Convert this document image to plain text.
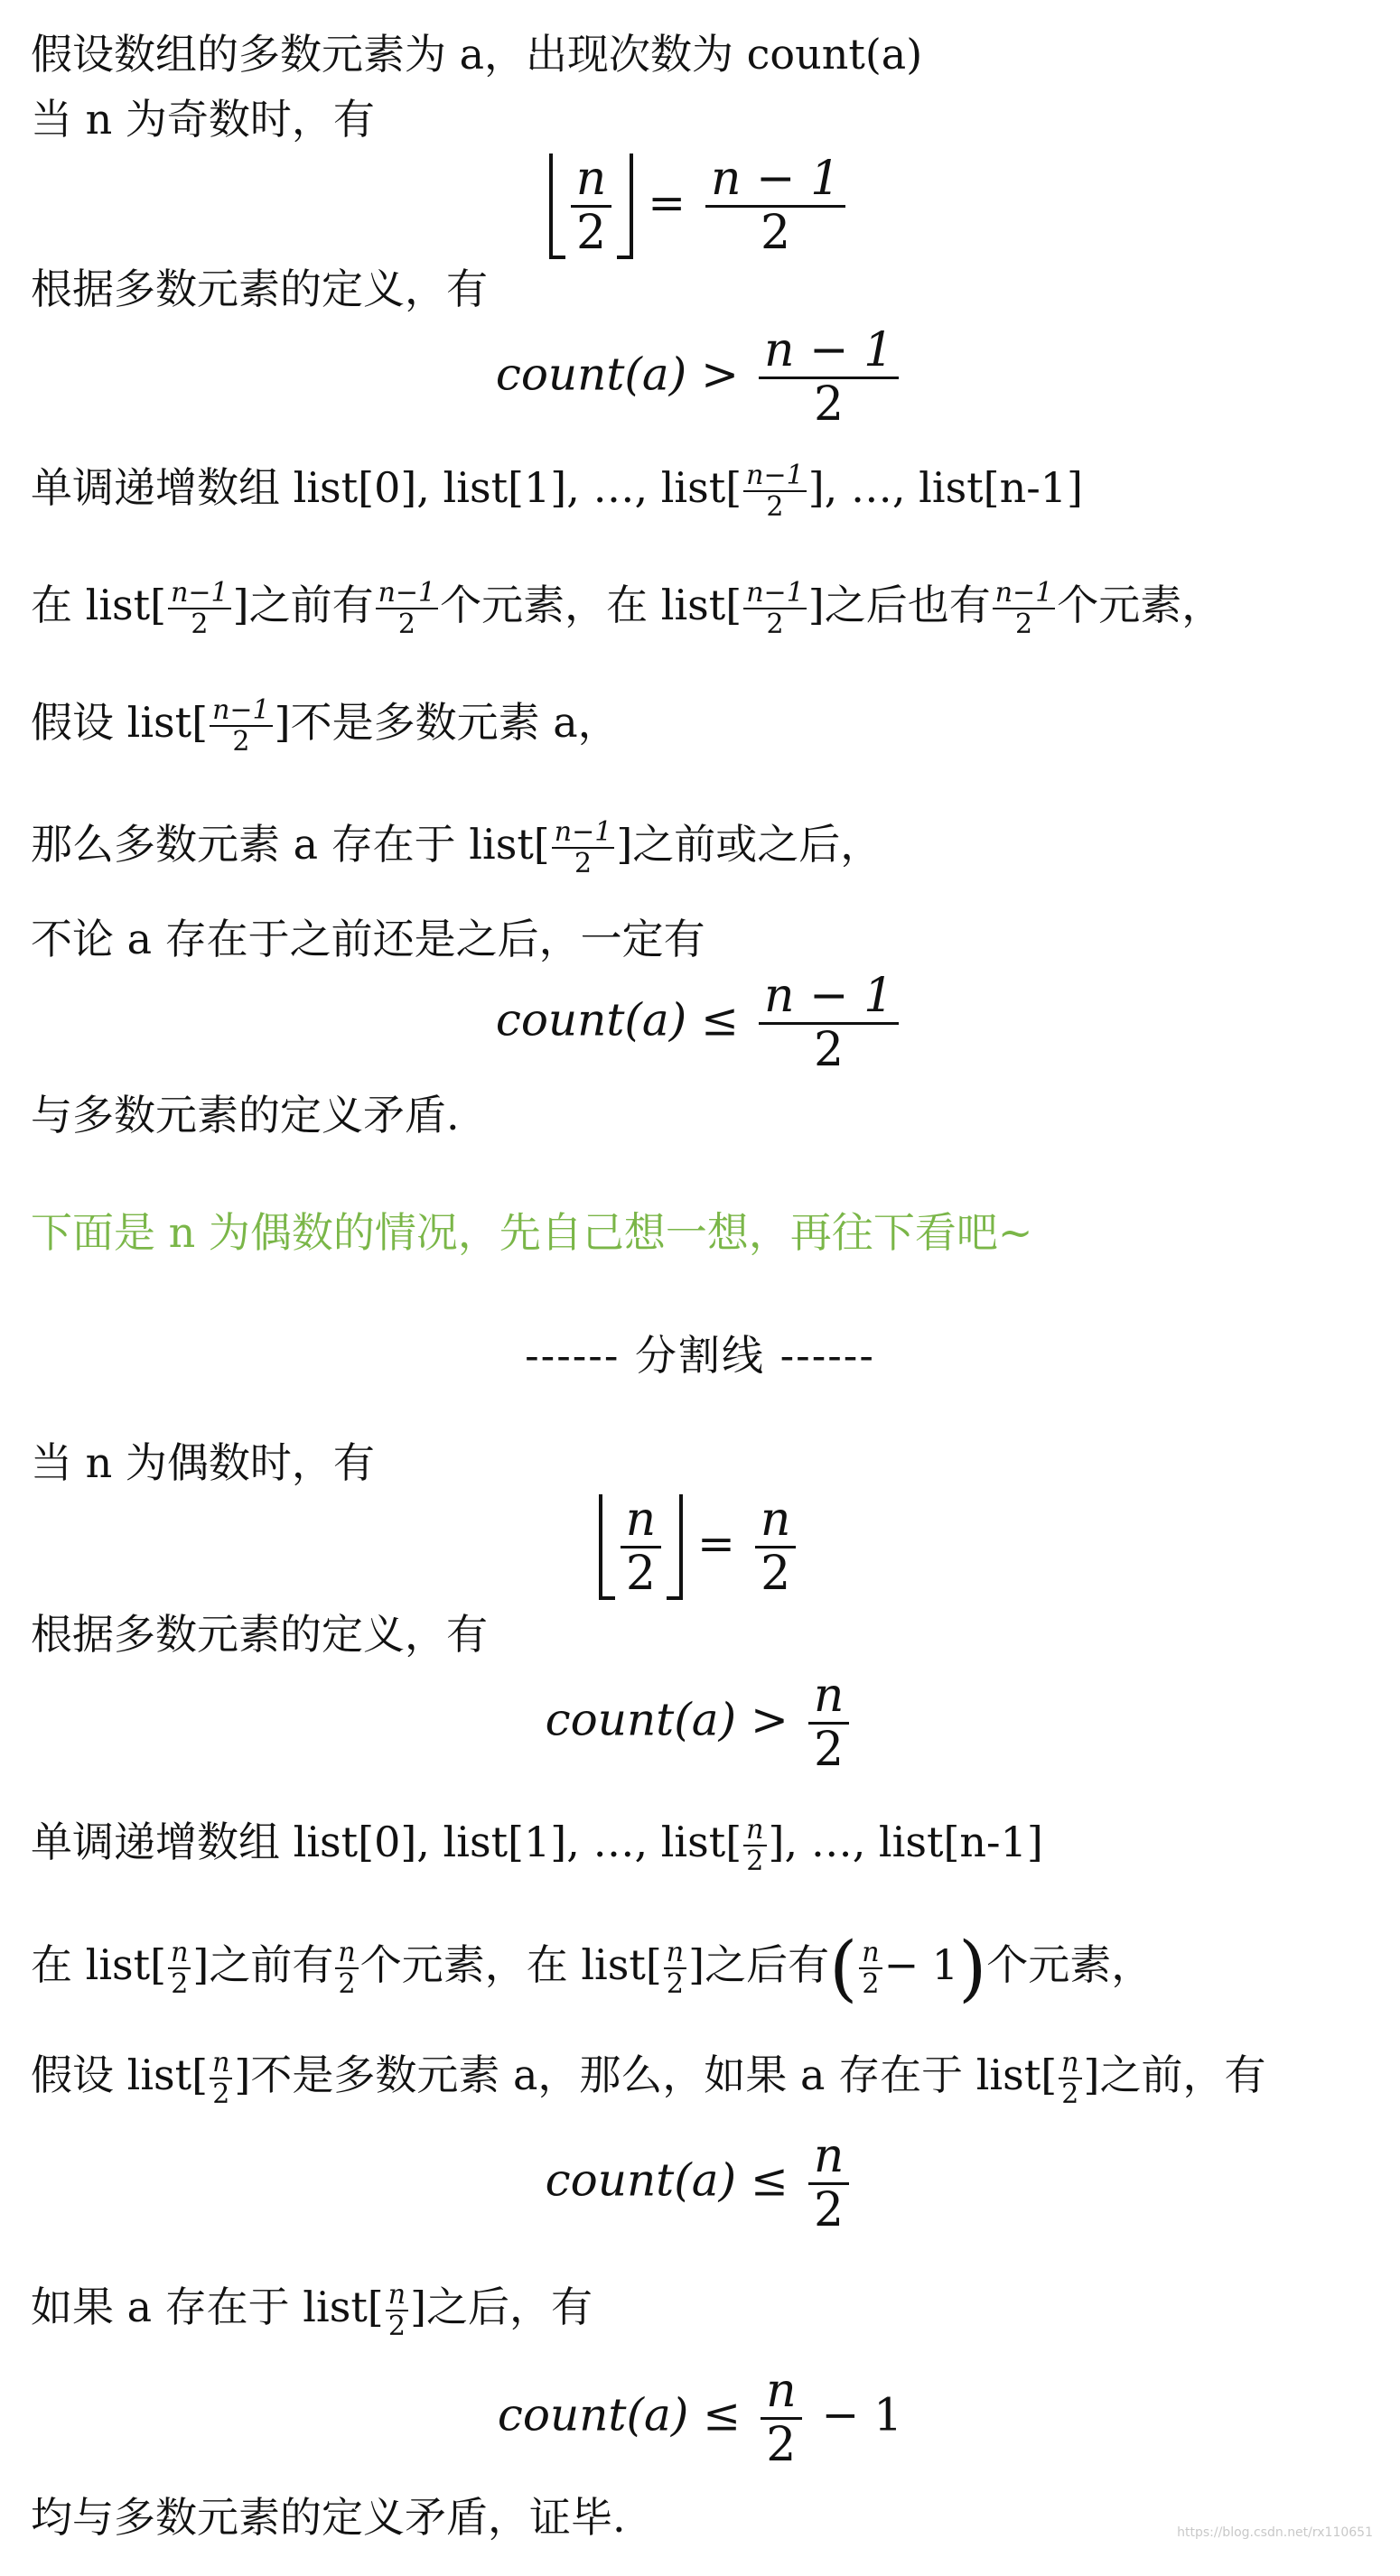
假设数组的多数元素为 a，出现次数为 count(a)
当 n 为奇数时，有
$\frac{n}{2} = \frac{n - 1}{2}$
根据多数元素的定义，有
count(a) > $\frac{n - 1}{2}$
单调递增数组 list[0], list[1], …, list[ $\frac{n-1}{2}$ ], …, list[n-1]
在 list[ $\frac{n-1}{2}$ ]之前有 $\frac{n-1}{2}$ 个元素，在 list[ $\frac{n-1}{2}$ ]之后也有 $\frac{n-1}{2}$ 个元素，
假设 list[ $\frac{n-1}{2}$ ]不是多数元素 a，
那么多数元素 a 存在于 list[ $\frac{n-1}{2}$ ]之前或之后，
不论 a 存在于之前还是之后，一定有
count(a) ≤ $\frac{n - 1}{2}$
与多数元素的定义矛盾.
下面是 n 为偶数的情况，先自己想一想，再往下看吧~
------ 分割线 ------
当 n 为偶数时，有
$\frac{n}{2} = \frac{n}{2}$
根据多数元素的定义，有
count(a) > $\frac{n}{2}$
单调递增数组 list[0], list[1], …, list[ $\frac{n}{2}$ ], …, list[n-1]
在 list[ $\frac{n}{2}$ ]之前有 $\frac{n}{2}$ 个元素，在 list[ $\frac{n}{2}$ ]之后有( $\frac{n}{2} - 1$)个元素，
假设 list[ $\frac{n}{2}$ ]不是多数元素 a，那么，如果 a 存在于 list[ $\frac{n}{2}$ ]之前，有
count(a) ≤ $\frac{n}{2}$
如果 a 存在于 list[ $\frac{n}{2}$ ]之后，有
count(a) ≤ $\frac{n}{2} - 1$
均与多数元素的定义矛盾，证毕.	https://blog.csdn.net/rx110651
